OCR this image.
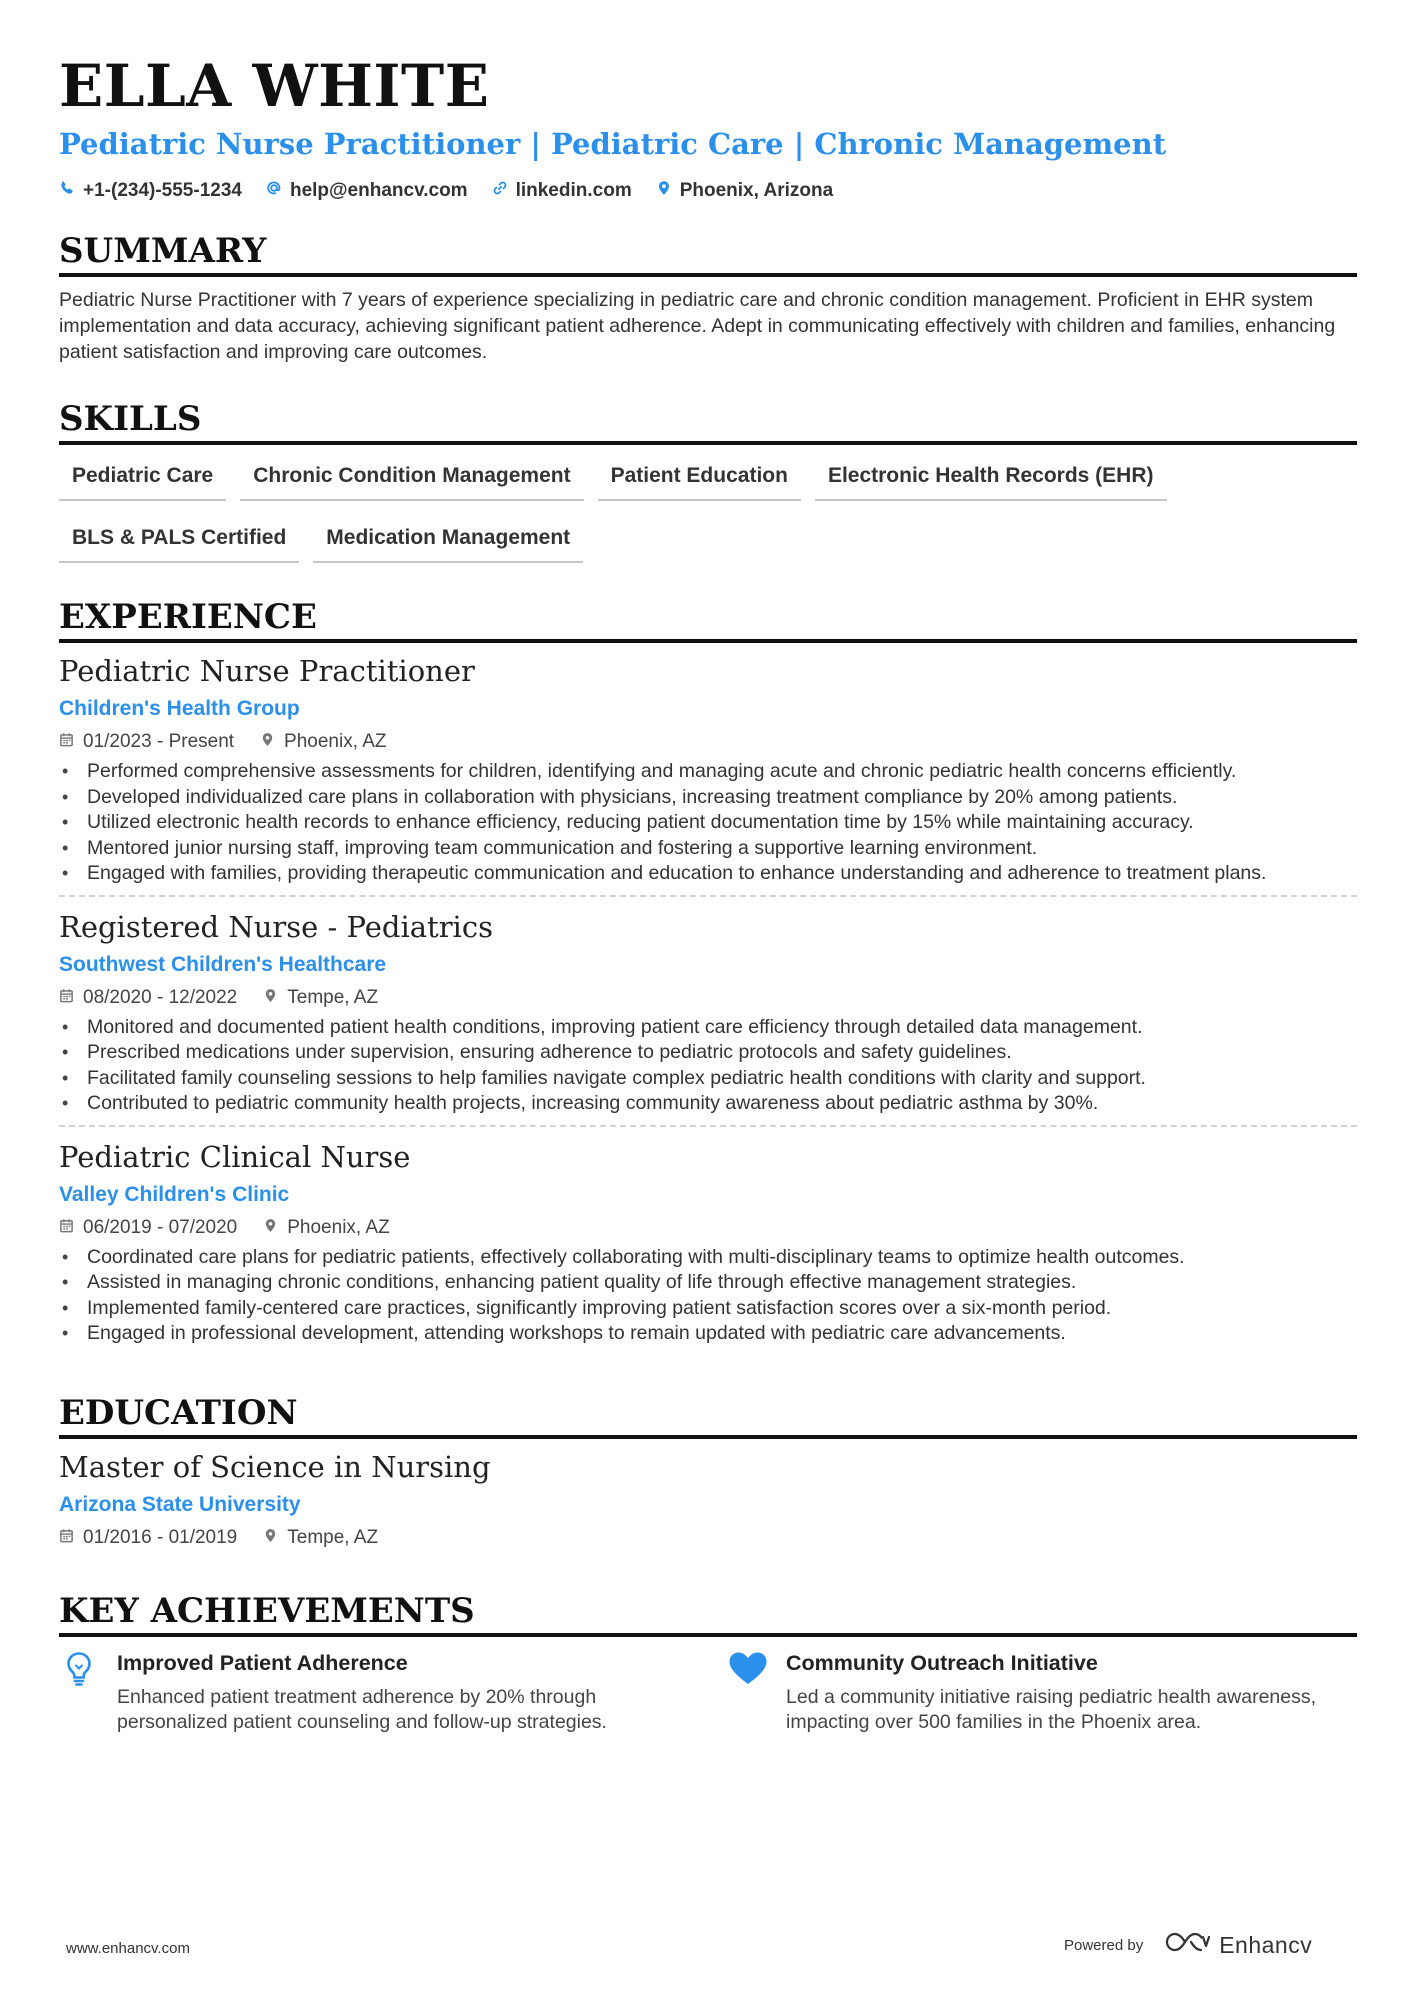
ELLA WHITE
Pediatric Nurse Practitioner | Pediatric Care | Chronic Management
+1-(234)-555-1234	help@enhancv.com	linkedin.com	Phoenix, Arizona
SUMMARY
Pediatric Nurse Practitioner with 7 years of experience specializing in pediatric care and chronic condition management. Proficient in EHR system implementation and data accuracy, achieving significant patient adherence. Adept in communicating effectively with children and families, enhancing patient satisfaction and improving care outcomes.
SKILLS
Pediatric Care	Chronic Condition Management	Patient Education	Electronic Health Records (EHR)
BLS & PALS Certified	Medication Management
EXPERIENCE
Pediatric Nurse Practitioner
Children's Health Group
01/2023 - Present	Phoenix, AZ
• Performed comprehensive assessments for children, identifying and managing acute and chronic pediatric health concerns efficiently.
• Developed individualized care plans in collaboration with physicians, increasing treatment compliance by 20% among patients.
• Utilized electronic health records to enhance efficiency, reducing patient documentation time by 15% while maintaining accuracy.
• Mentored junior nursing staff, improving team communication and fostering a supportive learning environment.
• Engaged with families, providing therapeutic communication and education to enhance understanding and adherence to treatment plans.
Registered Nurse - Pediatrics
Southwest Children's Healthcare
08/2020 - 12/2022	Tempe, AZ
• Monitored and documented patient health conditions, improving patient care efficiency through detailed data management.
• Prescribed medications under supervision, ensuring adherence to pediatric protocols and safety guidelines.
• Facilitated family counseling sessions to help families navigate complex pediatric health conditions with clarity and support.
• Contributed to pediatric community health projects, increasing community awareness about pediatric asthma by 30%.
Pediatric Clinical Nurse
Valley Children's Clinic
06/2019 - 07/2020	Phoenix, AZ
• Coordinated care plans for pediatric patients, effectively collaborating with multi-disciplinary teams to optimize health outcomes.
• Assisted in managing chronic conditions, enhancing patient quality of life through effective management strategies.
• Implemented family-centered care practices, significantly improving patient satisfaction scores over a six-month period.
• Engaged in professional development, attending workshops to remain updated with pediatric care advancements.
EDUCATION
Master of Science in Nursing
Arizona State University
01/2016 - 01/2019	Tempe, AZ
KEY ACHIEVEMENTS
Improved Patient Adherence
Enhanced patient treatment adherence by 20% through personalized patient counseling and follow-up strategies.
Community Outreach Initiative
Led a community initiative raising pediatric health awareness, impacting over 500 families in the Phoenix area.
www.enhancv.com	Powered by	Enhancv
